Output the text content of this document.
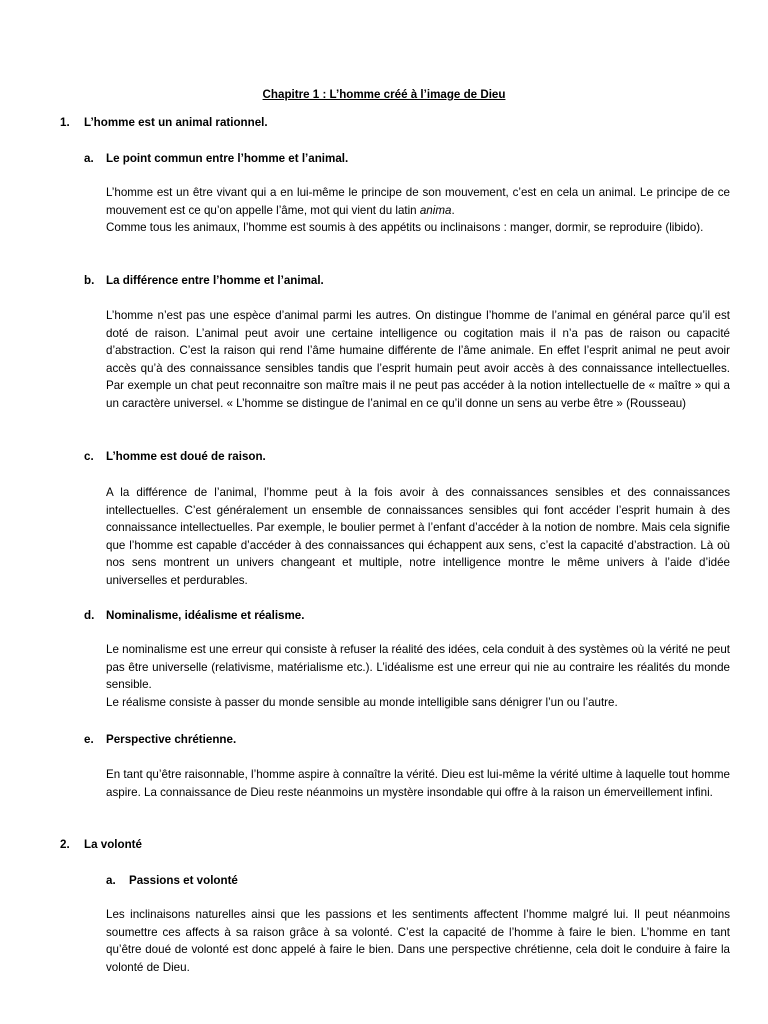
Chapitre 1 : L’homme créé à l’image de Dieu
1. L’homme est un animal rationnel.
a. Le point commun entre l’homme et l’animal.

L’homme est un être vivant qui a en lui-même le principe de son mouvement, c’est en cela un animal. Le principe de ce mouvement est ce qu’on appelle l’âme, mot qui vient du latin anima.

Comme tous les animaux, l’homme est soumis à des appétits ou inclinaisons : manger, dormir, se reproduire (libido).

b. La différence entre l’homme et l’animal.

L’homme n’est pas une espèce d’animal parmi les autres. On distingue l’homme de l’animal en général parce qu’il est doté de raison. L’animal peut avoir une certaine intelligence ou cogitation mais il n’a pas de raison ou capacité d’abstraction. C’est la raison qui rend l’âme humaine différente de l’âme animale. En effet l’esprit animal ne peut avoir accès qu’à des connaissance sensibles tandis que l’esprit humain peut avoir accès à des connaissance intellectuelles. Par exemple un chat peut reconnaitre son maître mais il ne peut pas accéder à la notion intellectuelle de « maître » qui a un caractère universel. « L’homme se distingue de l’animal en ce qu’il donne un sens au verbe être » (Rousseau)

c. L’homme est doué de raison.

A la différence de l’animal, l’homme peut à la fois avoir à des connaissances sensibles et des connaissances intellectuelles. C’est généralement un ensemble de connaissances sensibles qui font accéder l’esprit humain à des connaissance intellectuelles. Par exemple, le boulier permet à l’enfant d’accéder à la notion de nombre. Mais cela signifie que l’homme est capable d’accéder à des connaissances qui échappent aux sens, c’est la capacité d’abstraction. Là où nos sens montrent un univers changeant et multiple, notre intelligence montre le même univers à l’aide d’idée universelles et perdurables.

d. Nominalisme, idéalisme et réalisme.

Le nominalisme est une erreur qui consiste à refuser la réalité des idées, cela conduit à des systèmes où la vérité ne peut pas être universelle (relativisme, matérialisme etc.). L’idéalisme est une erreur qui nie au contraire les réalités du monde sensible.

Le réalisme consiste à passer du monde sensible au monde intelligible sans dénigrer l’un ou l’autre.

e. Perspective chrétienne.

En tant qu’être raisonnable, l’homme aspire à connaître la vérité. Dieu est lui-même la vérité ultime à laquelle tout homme aspire. La connaissance de Dieu reste néanmoins un mystère insondable qui offre à la raison un émerveillement infini.

2. La volonté
a. Passions et volonté

Les inclinaisons naturelles ainsi que les passions et les sentiments affectent l’homme malgré lui. Il peut néanmoins soumettre ces affects à sa raison grâce à sa volonté. C’est la capacité de l’homme à faire le bien. L’homme en tant qu’être doué de volonté est donc appelé à faire le bien. Dans une perspective chrétienne, cela doit le conduire à faire la volonté de Dieu.
